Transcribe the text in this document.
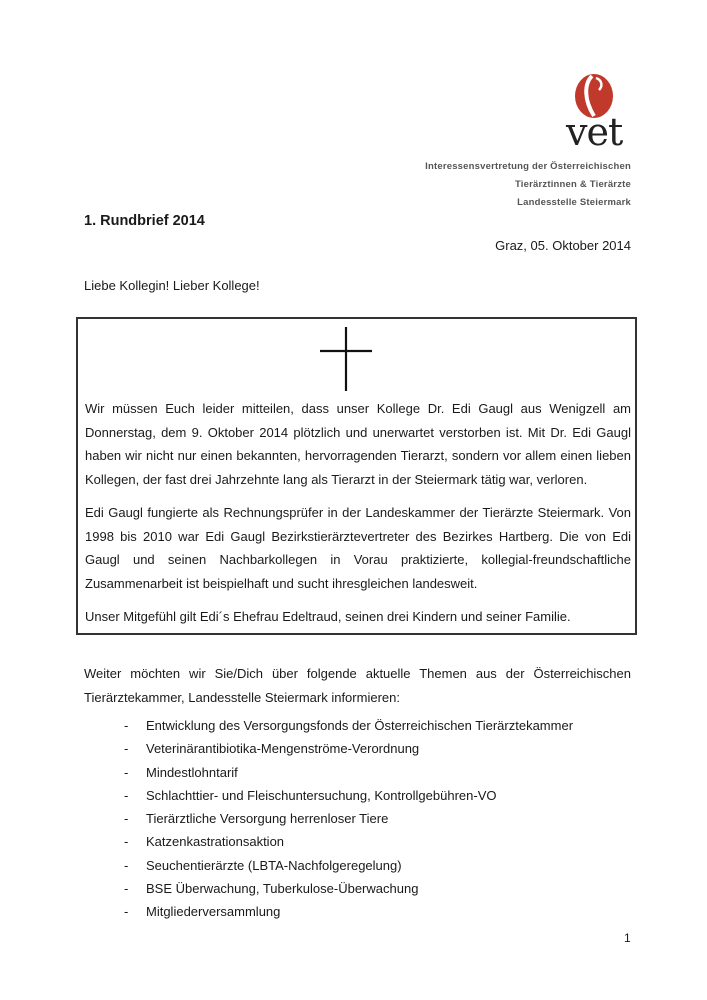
vet
Interessensvertretung der Österreichischen
Tierärztinnen & Tierärzte
Landesstelle Steiermark
1. Rundbrief 2014
Graz, 05. Oktober 2014
Liebe Kollegin! Lieber Kollege!

Wir müssen Euch leider mitteilen, dass unser Kollege Dr. Edi Gaugl aus Wenigzell am Donnerstag, dem 9. Oktober 2014 plötzlich und unerwartet verstorben ist. Mit Dr. Edi Gaugl haben wir nicht nur einen bekannten, hervorragenden Tierarzt, sondern vor allem einen lieben Kollegen, der fast drei Jahrzehnte lang als Tierarzt in der Steiermark tätig war, verloren.

Edi Gaugl fungierte als Rechnungsprüfer in der Landeskammer der Tierärzte Steiermark. Von 1998 bis 2010 war Edi Gaugl Bezirkstierärztevertreter des Bezirkes Hartberg. Die von Edi Gaugl und seinen Nachbarkollegen in Vorau praktizierte, kollegial-freundschaftliche Zusammenarbeit ist beispielhaft und sucht ihresgleichen landesweit.

Unser Mitgefühl gilt Edi´s Ehefrau Edeltraud, seinen drei Kindern und seiner Familie.

Weiter möchten wir Sie/Dich über folgende aktuelle Themen aus der Österreichischen Tierärztekammer, Landesstelle Steiermark informieren:

- Entwicklung des Versorgungsfonds der Österreichischen Tierärztekammer
- Veterinärantibiotika-Mengenströme-Verordnung
- Mindestlohntarif
- Schlachttier- und Fleischuntersuchung, Kontrollgebühren-VO
- Tierärztliche Versorgung herrenloser Tiere
- Katzenkastrationsaktion
- Seuchentierärzte (LBTA-Nachfolgeregelung)
- BSE Überwachung, Tuberkulose-Überwachung
- Mitgliederversammlung
1
